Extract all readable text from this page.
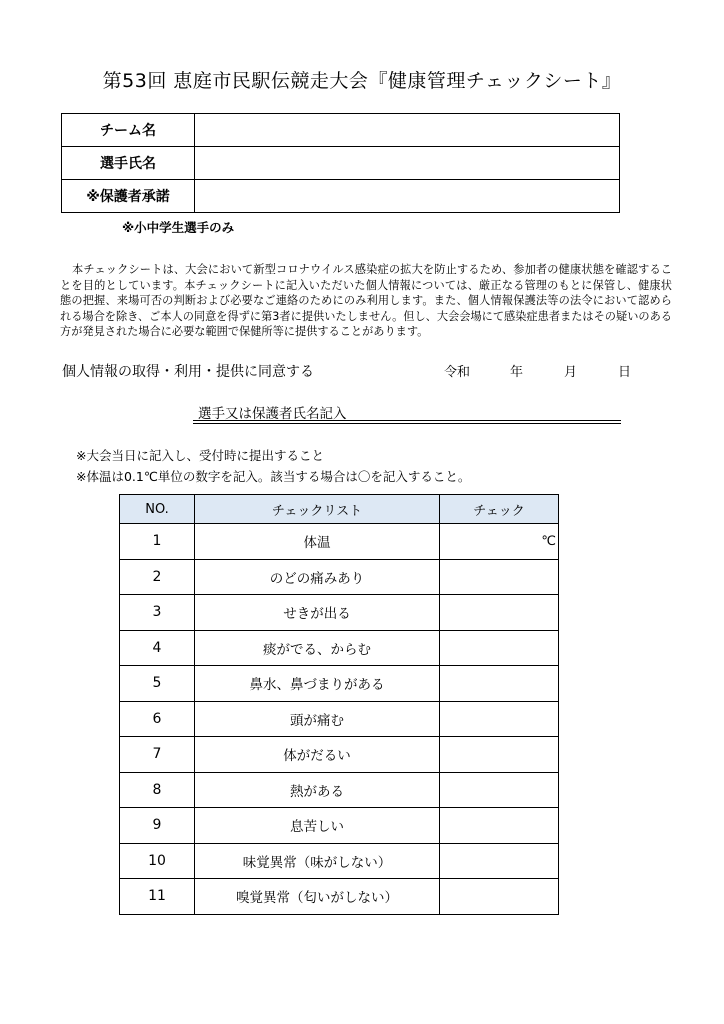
第53回 恵庭市民駅伝競走大会『健康管理チェックシート』
チーム名	
選手氏名	
※保護者承諾	
※小中学生選手のみ
本チェックシートは、大会において新型コロナウイルス感染症の拡大を防止するため、参加者の健康状態を確認することを目的としています。本チェックシートに記入いただいた個人情報については、厳正なる管理のもとに保管し、健康状態の把握、来場可否の判断および必要なご連絡のためにのみ利用します。また、個人情報保護法等の法令において認められる場合を除き、ご本人の同意を得ずに第3者に提供いたしません。但し、大会会場にて感染症患者またはその疑いのある方が発見された場合に必要な範囲で保健所等に提供することがあります。
個人情報の取得・利用・提供に同意する	令和	年	月	日
選手又は保護者氏名記入
※大会当日に記入し、受付時に提出すること
※体温は0.1℃単位の数字を記入。該当する場合は〇を記入すること。
NO.	チェックリスト	チェック
1	体温	℃

2	のどの痛みあり	

3	せきが出る	

4	痰がでる、からむ	

5	鼻水、鼻づまりがある	

6	頭が痛む	

7	体がだるい	

8	熱がある	

9	息苦しい	

10	味覚異常（味がしない）	

11	嗅覚異常（匂いがしない）	
